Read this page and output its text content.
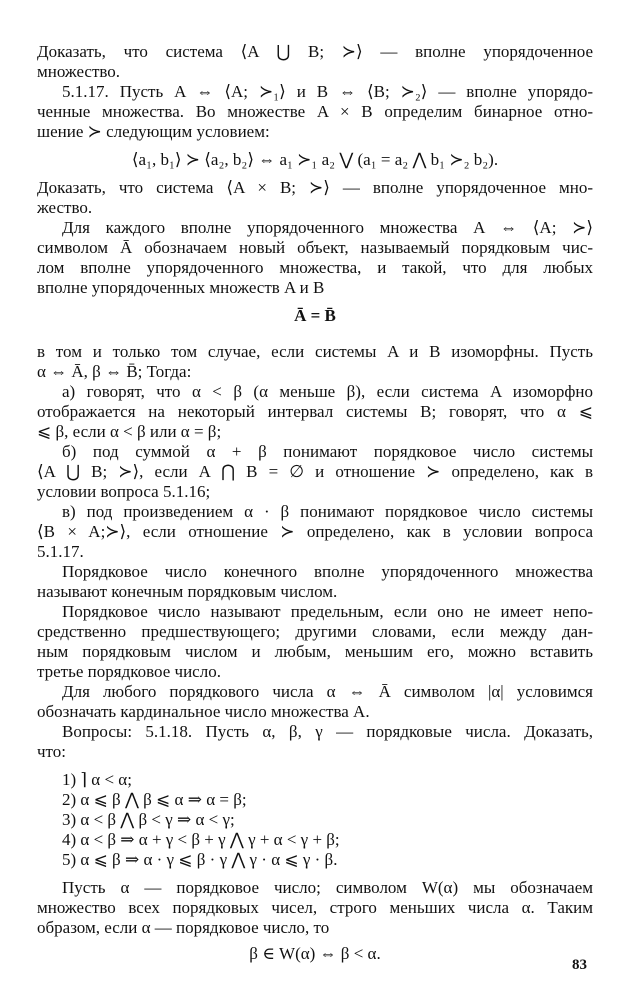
Доказать, что система ⟨A ⋃ B; ≻⟩ — вполне упорядоченное
множество.
5.1.17. Пусть A ⇔ ⟨A; ≻₁⟩ и B ⇔ ⟨B; ≻₂⟩ — вполне упорядо-
ченные множества. Во множестве A × B определим бинарное отно-
шение ≻ следующим условием:
⟨a₁, b₁⟩ ≻ ⟨a₂, b₂⟩ ⇔ a₁ ≻₁ a₂ ⋁ (a₁ = a₂ ⋀ b₁ ≻₂ b₂).
Доказать, что система ⟨A × B; ≻⟩ — вполне упорядоченное мно-
жество.
Для каждого вполне упорядоченного множества A ⇔ ⟨A; ≻⟩
символом Ā обозначаем новый объект, называемый порядковым чис-
лом вполне упорядоченного множества, и такой, что для любых
вполне упорядоченных множеств A и B
Ā = B̄
в том и только том случае, если системы A и B изоморфны. Пусть
α ⇔ Ā, β ⇔ B̄; Тогда:
а) говорят, что α < β (α меньше β), если система A изоморфно
отображается на некоторый интервал системы B; говорят, что α ⩽
⩽ β, если α < β или α = β;
б) под суммой α + β понимают порядковое число системы
⟨A ⋃ B; ≻⟩, если A ⋂ B = ∅ и отношение ≻ определено, как в
условии вопроса 5.1.16;
в) под произведением α · β понимают порядковое число системы
⟨B × A;≻⟩, если отношение ≻ определено, как в условии вопроса
5.1.17.
Порядковое число конечного вполне упорядоченного множества
называют конечным порядковым числом.
Порядковое число называют предельным, если оно не имеет непо-
средственно предшествующего; другими словами, если между дан-
ным порядковым числом и любым, меньшим его, можно вставить
третье порядковое число.
Для любого порядкового числа α ⇔ Ā символом |α| условимся
обозначать кардинальное число множества A.
Вопросы: 5.1.18. Пусть α, β, γ — порядковые числа. Доказать,
что:
1) ⌉ α < α;
2) α ⩽ β ⋀ β ⩽ α ⇒ α = β;
3) α < β ⋀ β < γ ⇒ α < γ;
4) α < β ⇒ α + γ < β + γ ⋀ γ + α < γ + β;
5) α ⩽ β ⇒ α · γ ⩽ β · γ ⋀ γ · α ⩽ γ · β.
Пусть α — порядковое число; символом W(α) мы обозначаем
множество всех порядковых чисел, строго меньших числа α. Таким
образом, если α — порядковое число, то
β ∈ W(α) ⇔ β < α.
83
